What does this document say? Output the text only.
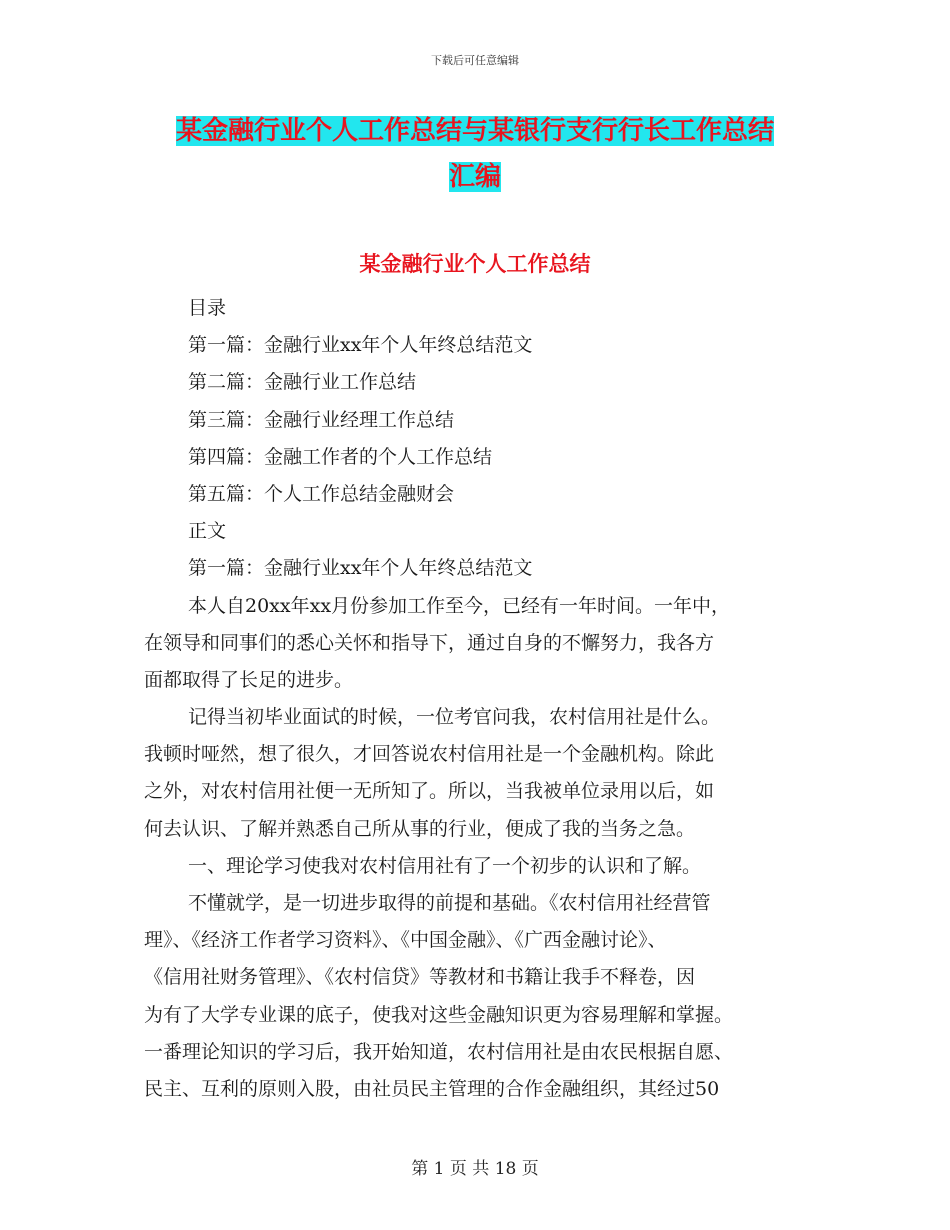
下载后可任意编辑
某金融行业个人工作总结与某银行支行行长工作总结
汇编
某金融行业个人工作总结
目录
第一篇：金融行业xx年个人年终总结范文
第二篇：金融行业工作总结
第三篇：金融行业经理工作总结
第四篇：金融工作者的个人工作总结
第五篇：个人工作总结金融财会
正文
第一篇：金融行业xx年个人年终总结范文
本人自20xx年xx月份参加工作至今，已经有一年时间。一年中，
在领导和同事们的悉心关怀和指导下，通过自身的不懈努力，我各方
面都取得了长足的进步。
记得当初毕业面试的时候，一位考官问我，农村信用社是什么。
我顿时哑然，想了很久，才回答说农村信用社是一个金融机构。除此
之外，对农村信用社便一无所知了。所以，当我被单位录用以后，如
何去认识、了解并熟悉自己所从事的行业，便成了我的当务之急。
一、理论学习使我对农村信用社有了一个初步的认识和了解。
不懂就学，是一切进步取得的前提和基础。《农村信用社经营管
理》、《经济工作者学习资料》、《中国金融》、《广西金融讨论》、
《信用社财务管理》、《农村信贷》等教材和书籍让我手不释卷，因
为有了大学专业课的底子，使我对这些金融知识更为容易理解和掌握。
一番理论知识的学习后，我开始知道，农村信用社是由农民根据自愿、
民主、互利的原则入股，由社员民主管理的合作金融组织，其经过50
第 1 页 共 18 页
